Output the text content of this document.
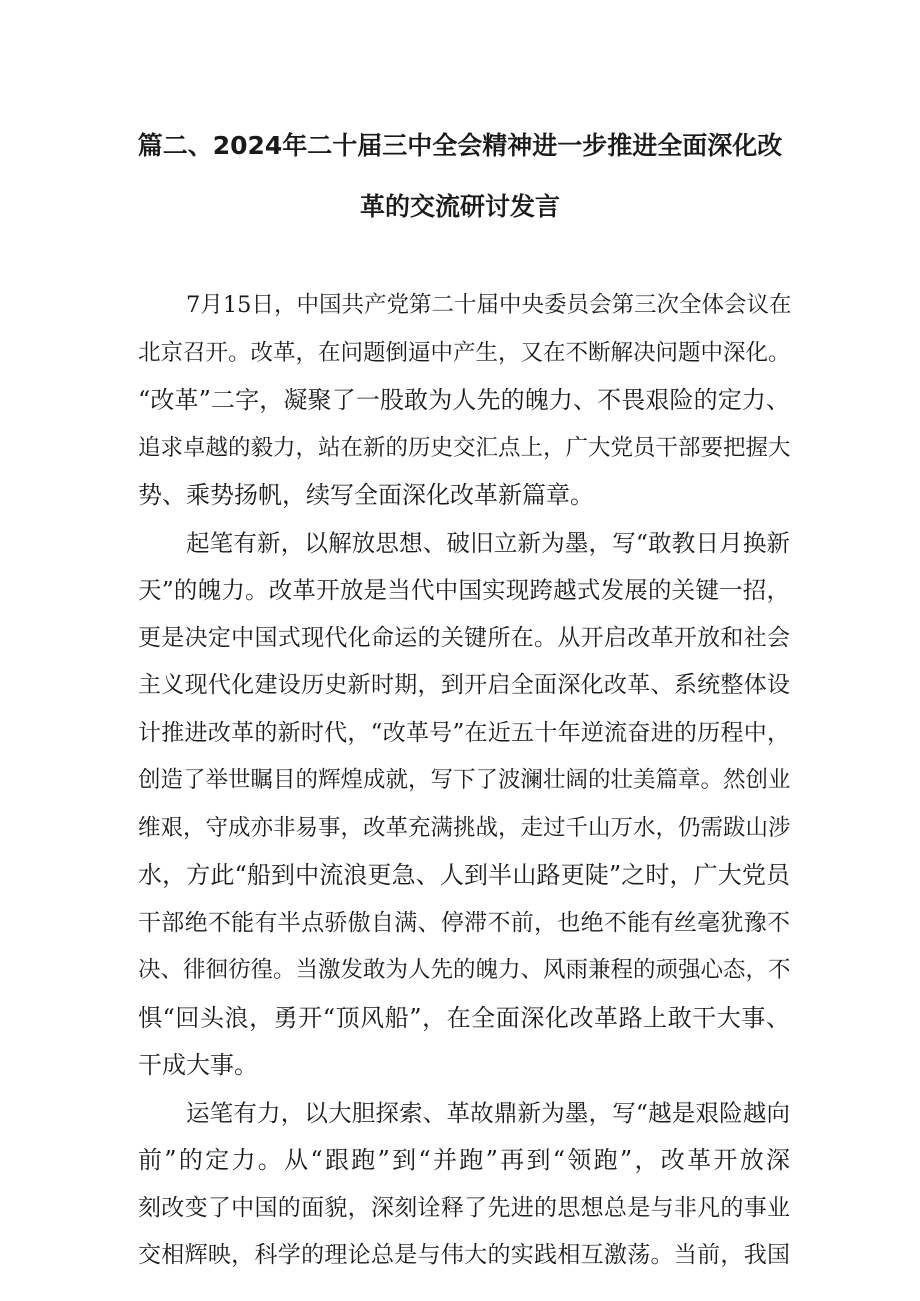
篇二、2024年二十届三中全会精神进一步推进全面深化改
革的交流研讨发言
7月15日，中国共产党第二十届中央委员会第三次全体会议在
北京召开。改革，在问题倒逼中产生，又在不断解决问题中深化。
“改革”二字，凝聚了一股敢为人先的魄力、不畏艰险的定力、
追求卓越的毅力，站在新的历史交汇点上，广大党员干部要把握大
势、乘势扬帆，续写全面深化改革新篇章。
起笔有新，以解放思想、破旧立新为墨，写“敢教日月换新
天”的魄力。改革开放是当代中国实现跨越式发展的关键一招，
更是决定中国式现代化命运的关键所在。从开启改革开放和社会
主义现代化建设历史新时期，到开启全面深化改革、系统整体设
计推进改革的新时代，“改革号”在近五十年逆流奋进的历程中，
创造了举世瞩目的辉煌成就，写下了波澜壮阔的壮美篇章。然创业
维艰，守成亦非易事，改革充满挑战，走过千山万水，仍需跋山涉
水，方此“船到中流浪更急、人到半山路更陡”之时，广大党员
干部绝不能有半点骄傲自满、停滞不前，也绝不能有丝毫犹豫不
决、徘徊彷徨。当激发敢为人先的魄力、风雨兼程的顽强心态，不
惧“回头浪，勇开“顶风船”，在全面深化改革路上敢干大事、
干成大事。
运笔有力，以大胆探索、革故鼎新为墨，写“越是艰险越向
前”的定力。从“跟跑”到“并跑”再到“领跑”，改革开放深
刻改变了中国的面貌，深刻诠释了先进的思想总是与非凡的事业
交相辉映，科学的理论总是与伟大的实践相互激荡。当前，我国
